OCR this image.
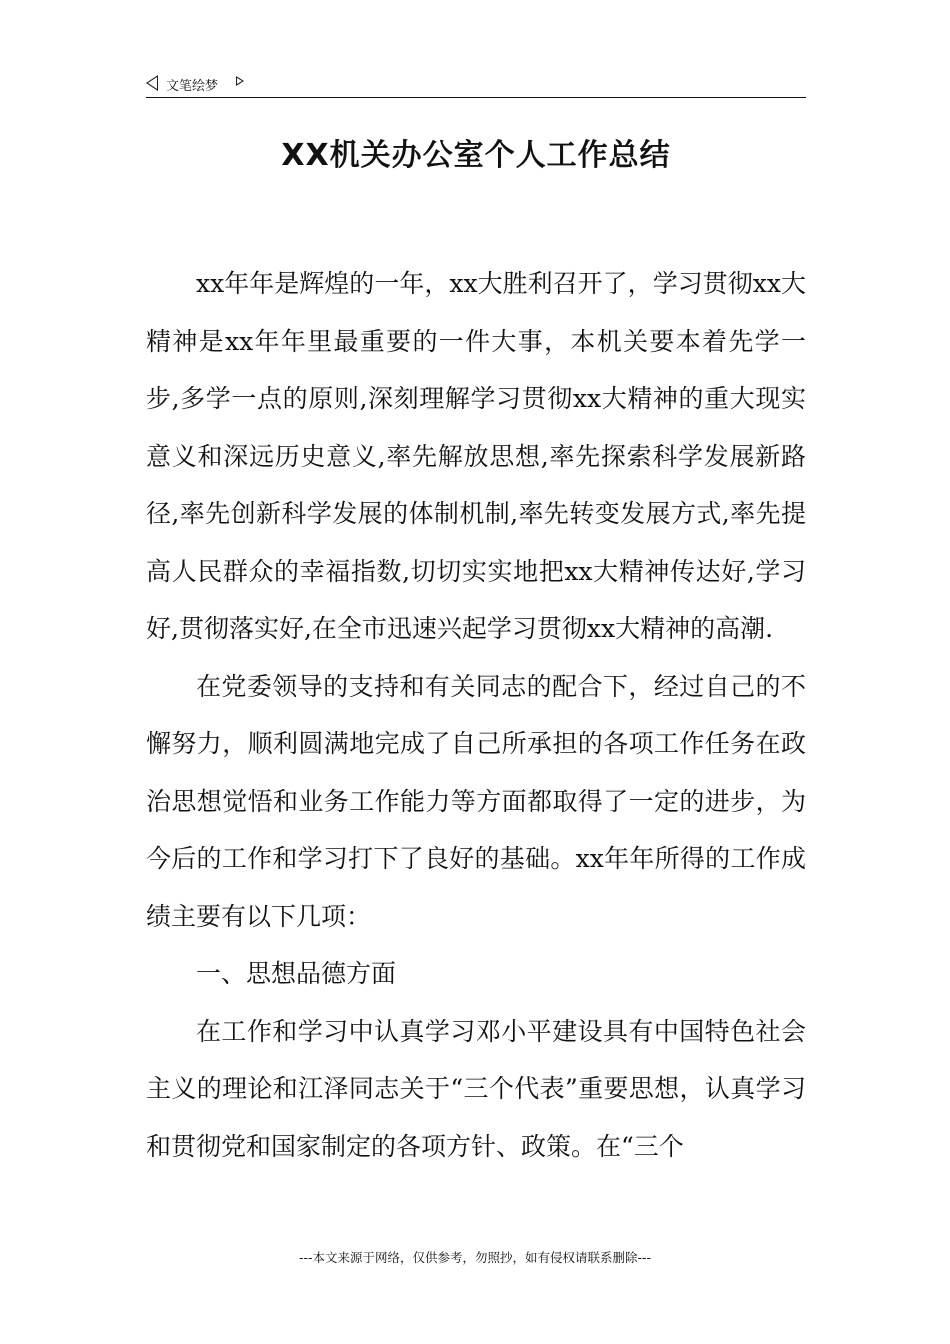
文笔绘梦
XX机关办公室个人工作总结

xx年年是辉煌的一年，xx大胜利召开了，学习贯彻xx大精神是xx年年里最重要的一件大事，本机关要本着先学一步,多学一点的原则,深刻理解学习贯彻xx大精神的重大现实意义和深远历史意义,率先解放思想,率先探索科学发展新路径,率先创新科学发展的体制机制,率先转变发展方式,率先提高人民群众的幸福指数,切切实实地把xx大精神传达好,学习好,贯彻落实好,在全市迅速兴起学习贯彻xx大精神的高潮.

在党委领导的支持和有关同志的配合下，经过自己的不懈努力，顺利圆满地完成了自己所承担的各项工作任务在政治思想觉悟和业务工作能力等方面都取得了一定的进步，为今后的工作和学习打下了良好的基础。xx年年所得的工作成绩主要有以下几项：

一、思想品德方面

在工作和学习中认真学习邓小平建设具有中国特色社会主义的理论和江泽同志关于“三个代表”重要思想，认真学习和贯彻党和国家制定的各项方针、政策。在“三个

---本文来源于网络，仅供参考，勿照抄，如有侵权请联系删除---
